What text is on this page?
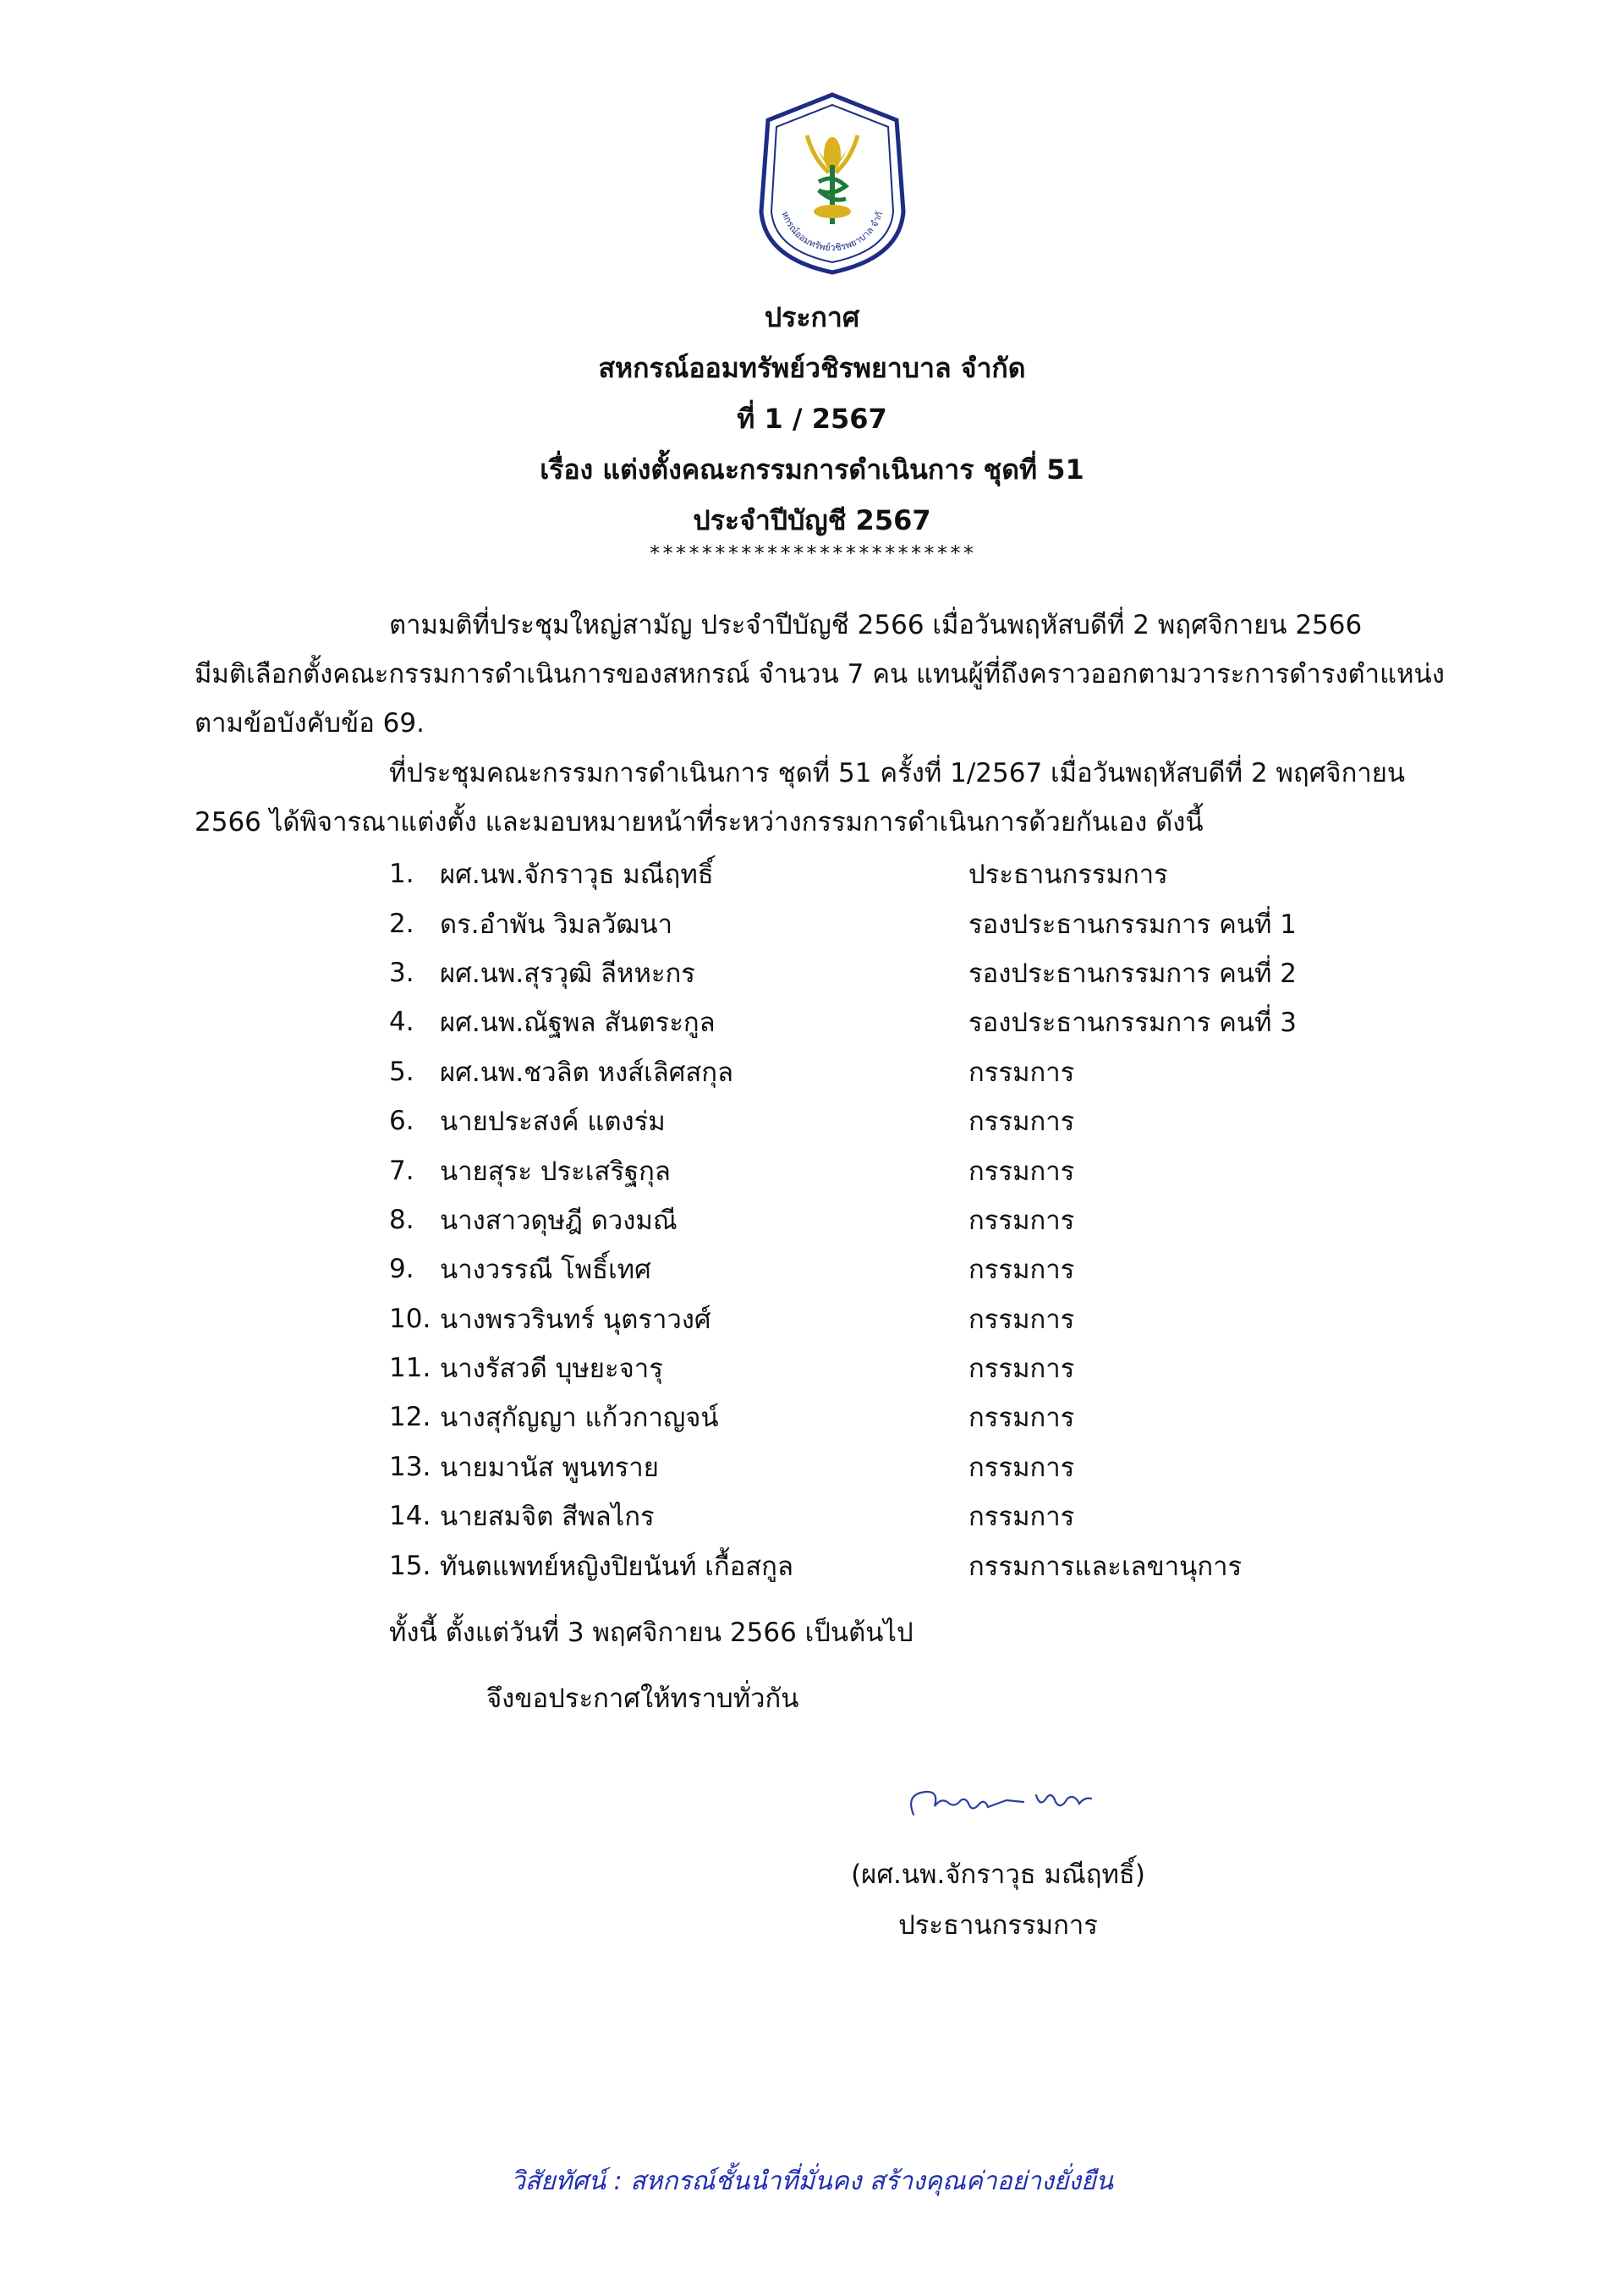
หกรณ์ออมทรัพย์วชิรพยาบาล จำกั
ประกาศ
สหกรณ์ออมทรัพย์วชิรพยาบาล จำกัด
ที่ 1 / 2567
เรื่อง แต่งตั้งคณะกรรมการดำเนินการ ชุดที่ 51
ประจำปีบัญชี 2567
*************************
ตามมติที่ประชุมใหญ่สามัญ ประจำปีบัญชี 2566 เมื่อวันพฤหัสบดีที่ 2 พฤศจิกายน 2566
มีมติเลือกตั้งคณะกรรมการดำเนินการของสหกรณ์ จำนวน 7 คน แทนผู้ที่ถึงคราวออกตามวาระการดำรงตำแหน่ง
ตามข้อบังคับข้อ 69.
ที่ประชุมคณะกรรมการดำเนินการ ชุดที่ 51 ครั้งที่ 1/2567 เมื่อวันพฤหัสบดีที่ 2 พฤศจิกายน
2566 ได้พิจารณาแต่งตั้ง และมอบหมายหน้าที่ระหว่างกรรมการดำเนินการด้วยกันเอง ดังนี้
1. ผศ.นพ.จักราวุธ มณีฤทธิ์	ประธานกรรมการ
2. ดร.อำพัน วิมลวัฒนา	รองประธานกรรมการ คนที่ 1
3. ผศ.นพ.สุรวุฒิ ลีหหะกร	รองประธานกรรมการ คนที่ 2
4. ผศ.นพ.ณัฐพล สันตระกูล	รองประธานกรรมการ คนที่ 3
5. ผศ.นพ.ชวลิต หงส์เลิศสกุล	กรรมการ
6. นายประสงค์ แตงร่ม	กรรมการ
7. นายสุระ ประเสริฐกุล	กรรมการ
8. นางสาวดุษฎี ดวงมณี	กรรมการ
9. นางวรรณี โพธิ์เทศ	กรรมการ
10. นางพรวรินทร์ นุตราวงศ์	กรรมการ
11. นางรัสวดี บุษยะจารุ	กรรมการ
12. นางสุกัญญา แก้วกาญจน์	กรรมการ
13. นายมานัส พูนทราย	กรรมการ
14. นายสมจิต สีพลไกร	กรรมการ
15. ทันตแพทย์หญิงปิยนันท์ เกื้อสกูล	กรรมการและเลขานุการ
ทั้งนี้ ตั้งแต่วันที่ 3 พฤศจิกายน 2566 เป็นต้นไป
จึงขอประกาศให้ทราบทั่วกัน
(ผศ.นพ.จักราวุธ มณีฤทธิ์)
ประธานกรรมการ
วิสัยทัศน์ : สหกรณ์ชั้นนำที่มั่นคง สร้างคุณค่าอย่างยั่งยืน
